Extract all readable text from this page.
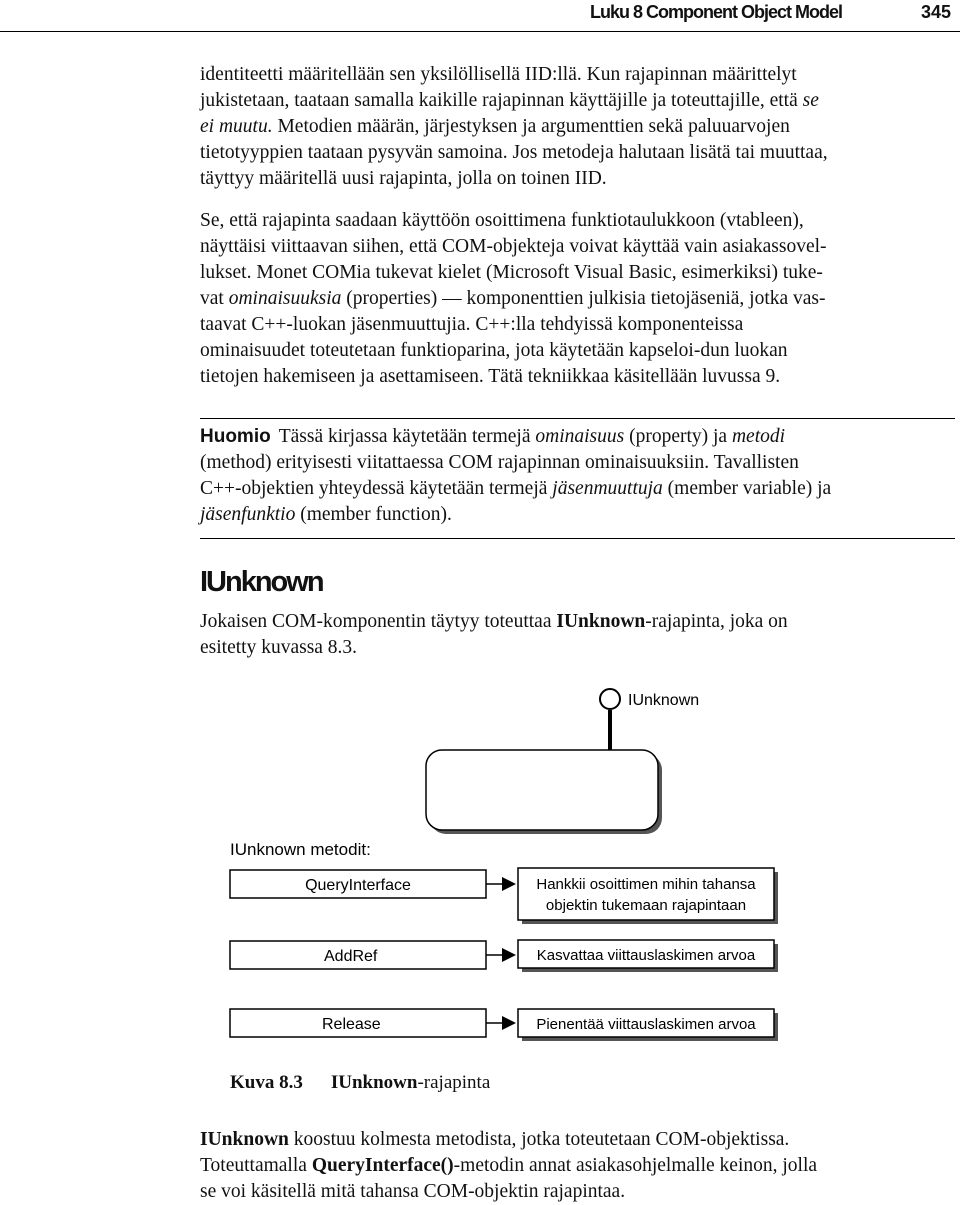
Luku 8 Component Object Model	345
identiteetti määritellään sen yksilöllisellä IID:llä. Kun rajapinnan määrittelyt
jukistetaan, taataan samalla kaikille rajapinnan käyttäjille ja toteuttajille, että se
ei muutu. Metodien määrän, järjestyksen ja argumenttien sekä paluuarvojen
tietotyyppien taataan pysyvän samoina. Jos metodeja halutaan lisätä tai muuttaa,
täyttyy määritellä uusi rajapinta, jolla on toinen IID.
Se, että rajapinta saadaan käyttöön osoittimena funktiotaulukkoon (vtableen),
näyttäisi viittaavan siihen, että COM-objekteja voivat käyttää vain asiakassovel-
lukset. Monet COMia tukevat kielet (Microsoft Visual Basic, esimerkiksi) tuke-
vat ominaisuuksia (properties) — komponenttien julkisia tietojäseniä, jotka vas-
taavat C++-luokan jäsenmuuttujia. C++:lla tehdyissä komponenteissa
ominaisuudet toteutetaan funktioparina, jota käytetään kapseloi-dun luokan
tietojen hakemiseen ja asettamiseen. Tätä tekniikkaa käsitellään luvussa 9.
Huomio Tässä kirjassa käytetään termejä ominaisuus (property) ja metodi
(method) erityisesti viitattaessa COM rajapinnan ominaisuuksiin. Tavallisten
C++-objektien yhteydessä käytetään termejä jäsenmuuttuja (member variable) ja
jäsenfunktio (member function).
IUnknown
Jokaisen COM-komponentin täytyy toteuttaa IUnknown-rajapinta, joka on
esitetty kuvassa 8.3.
IUnknown
IUnknown metodit:
QueryInterface	Hankkii osoittimen mihin tahansa
objektin tukemaan rajapintaan
AddRef	Kasvattaa viittauslaskimen arvoa
Release	Pienentää viittauslaskimen arvoa
Kuva 8.3 IUnknown-rajapinta
IUnknown koostuu kolmesta metodista, jotka toteutetaan COM-objektissa.
Toteuttamalla QueryInterface()-metodin annat asiakasohjelmalle keinon, jolla
se voi käsitellä mitä tahansa COM-objektin rajapintaa.
